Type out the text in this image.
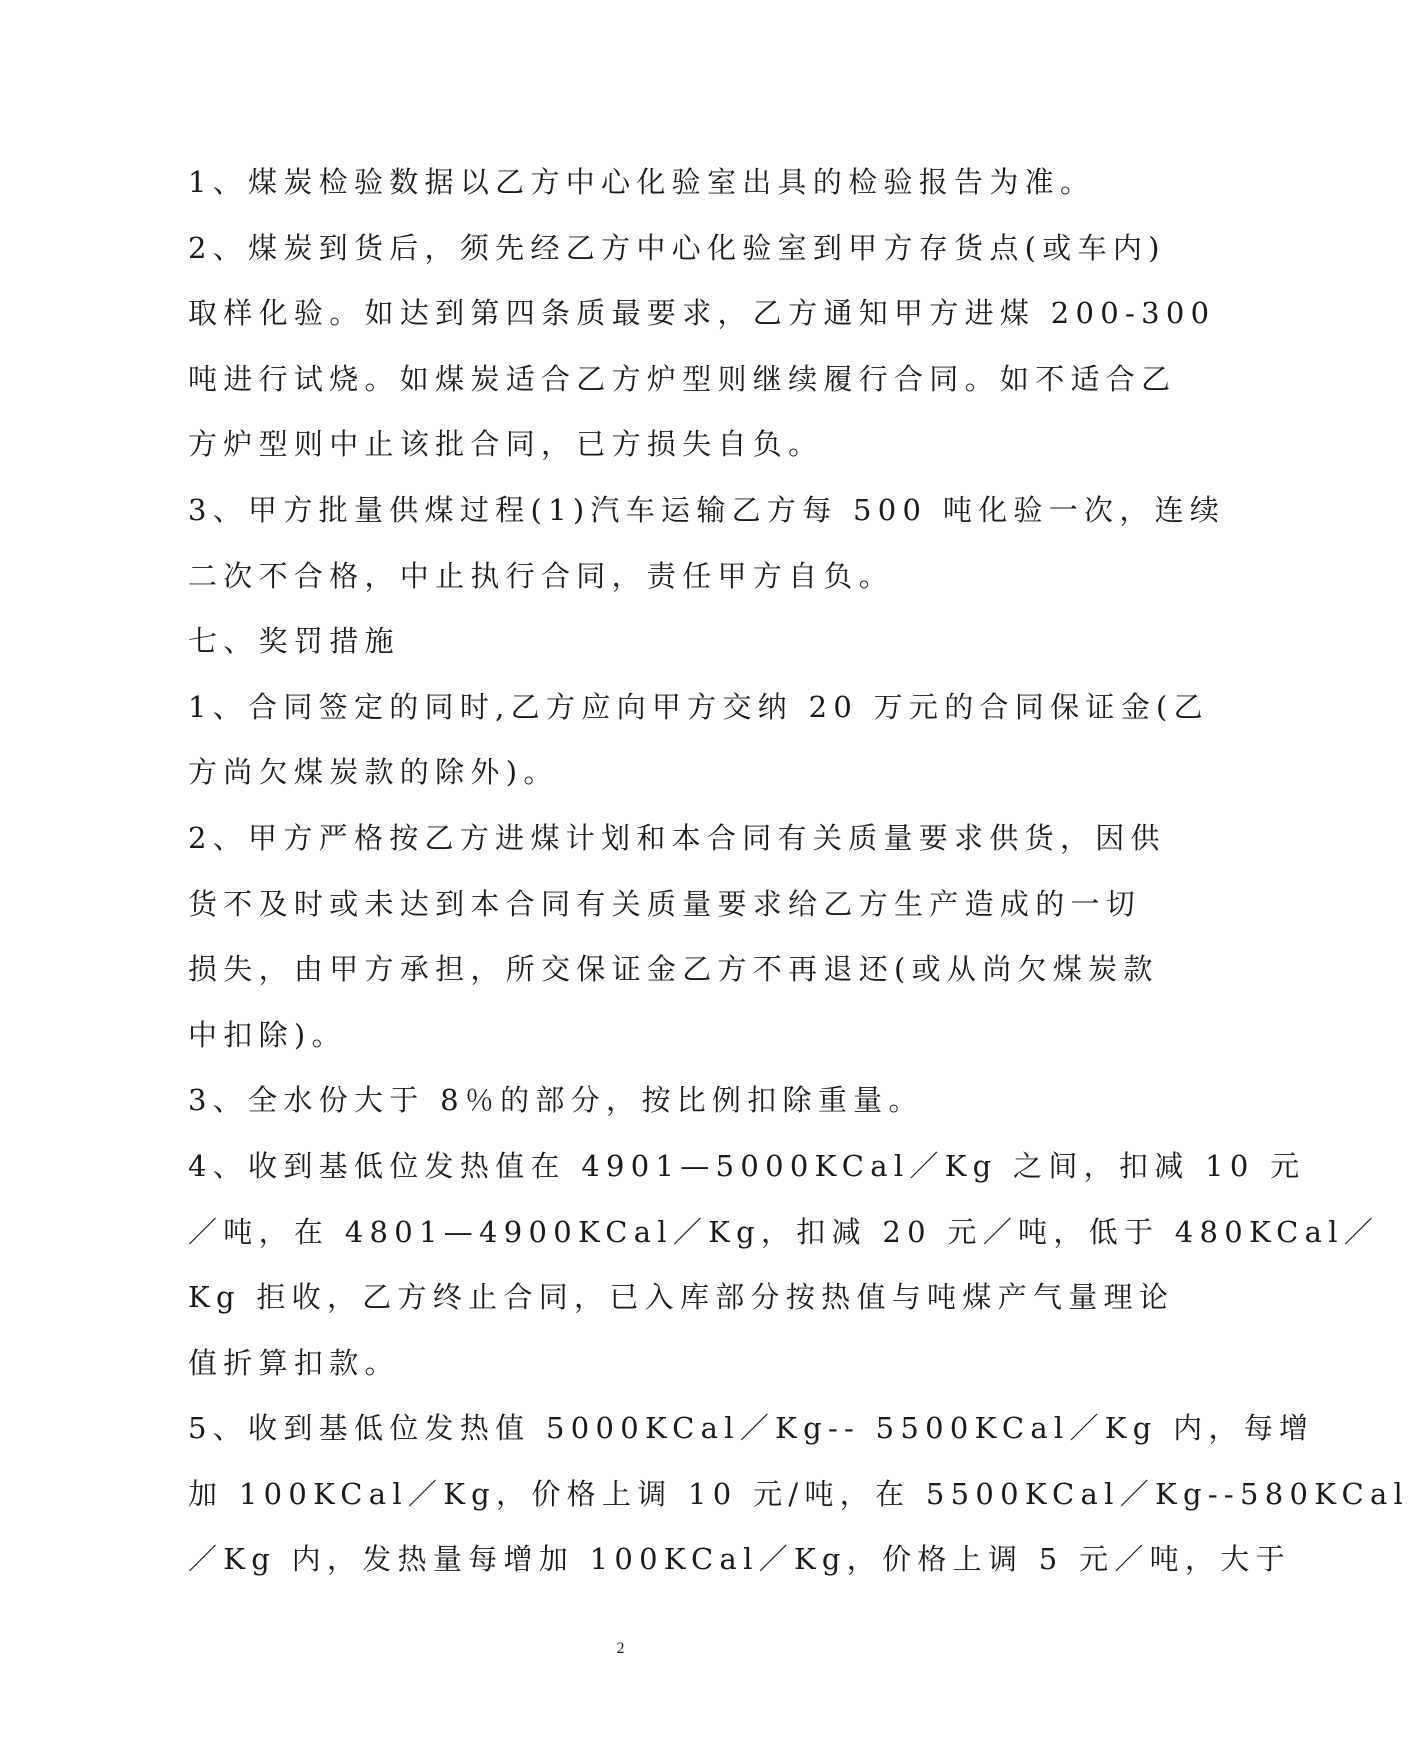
1、煤炭检验数据以乙方中心化验室出具的检验报告为准。
2、煤炭到货后，须先经乙方中心化验室到甲方存货点(或车内)
取样化验。如达到第四条质最要求，乙方通知甲方进煤 200-300
吨进行试烧。如煤炭适合乙方炉型则继续履行合同。如不适合乙
方炉型则中止该批合同，已方损失自负。
3、甲方批量供煤过程(1)汽车运输乙方每 500 吨化验一次，连续
二次不合格，中止执行合同，责任甲方自负。
七、奖罚措施
1、合同签定的同时,乙方应向甲方交纳 20 万元的合同保证金(乙
方尚欠煤炭款的除外)。
2、甲方严格按乙方进煤计划和本合同有关质量要求供货，因供
货不及时或未达到本合同有关质量要求给乙方生产造成的一切
损失，由甲方承担，所交保证金乙方不再退还(或从尚欠煤炭款
中扣除)。
3、全水份大于 8％的部分，按比例扣除重量。
4、收到基低位发热值在 4901—5000KCal／Kg 之间，扣减 10 元
／吨，在 4801—4900KCal／Kg，扣减 20 元／吨，低于 480KCal／
Kg 拒收，乙方终止合同，已入库部分按热值与吨煤产气量理论
值折算扣款。
5、收到基低位发热值 5000KCal／Kg-- 5500KCal／Kg 内，每增
加 100KCal／Kg，价格上调 10 元/吨，在 5500KCal／Kg--580KCal
／Kg 内，发热量每增加 100KCal／Kg，价格上调 5 元／吨，大于
2
